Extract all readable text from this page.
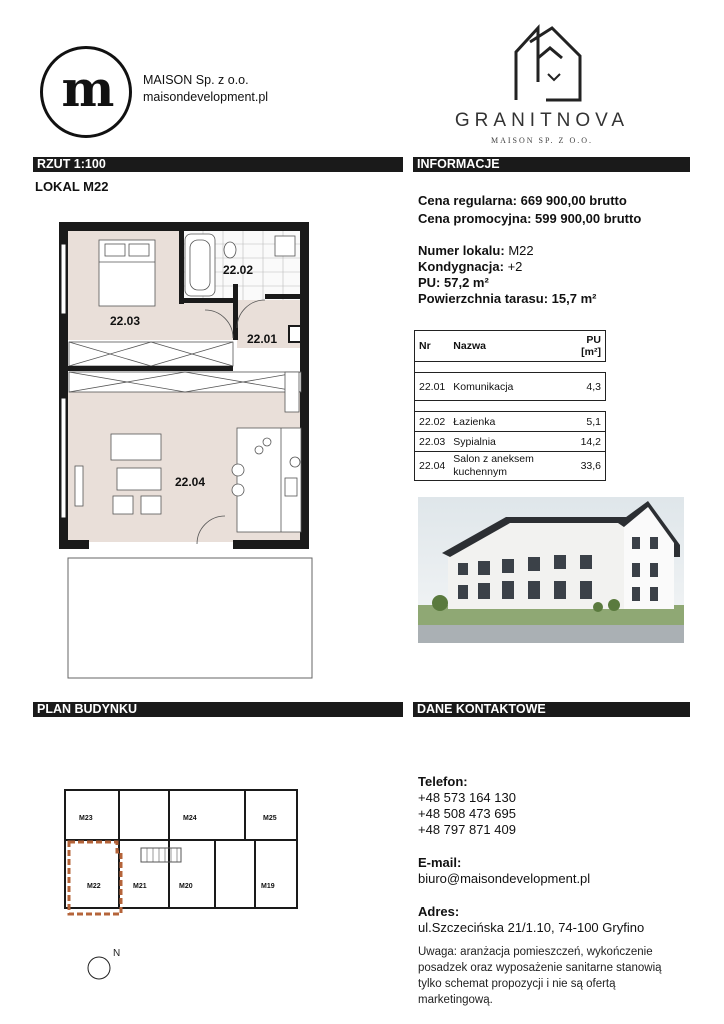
m	MAISON Sp. z o.o.
maisondevelopment.pl
GRANITNOVA
MAISON SP. Z O.O.
RZUT 1:100	INFORMACJE
PLAN BUDYNKU	DANE KONTAKTOWE
LOKAL M22
22.03
22.02
22.01
22.04
Cena regularna: 669 900,00 brutto
Cena promocyjna: 599 900,00 brutto
Numer lokalu: M22
Kondygnacja: +2
PU: 57,2 m²
Powierzchnia tarasu: 15,7 m²
Nr	Nazwa	PU [m²]

22.01	Komunikacja	4,3

22.02	Łazienka	5,1
22.03	Sypialnia	14,2
22.04	Salon z aneksem kuchennym	33,6
M23	M24	M25
M22	M21	M20	M19
N
Telefon:
+48 573 164 130
+48 508 473 695
+48 797 871 409
E-mail:
biuro@maisondevelopment.pl
Adres:
ul.Szczecińska 21/1.10, 74-100 Gryfino
Uwaga: aranżacja pomieszczeń, wykończenie posadzek oraz wyposażenie sanitarne stanowią tylko schemat propozycji i nie są ofertą marketingową.
